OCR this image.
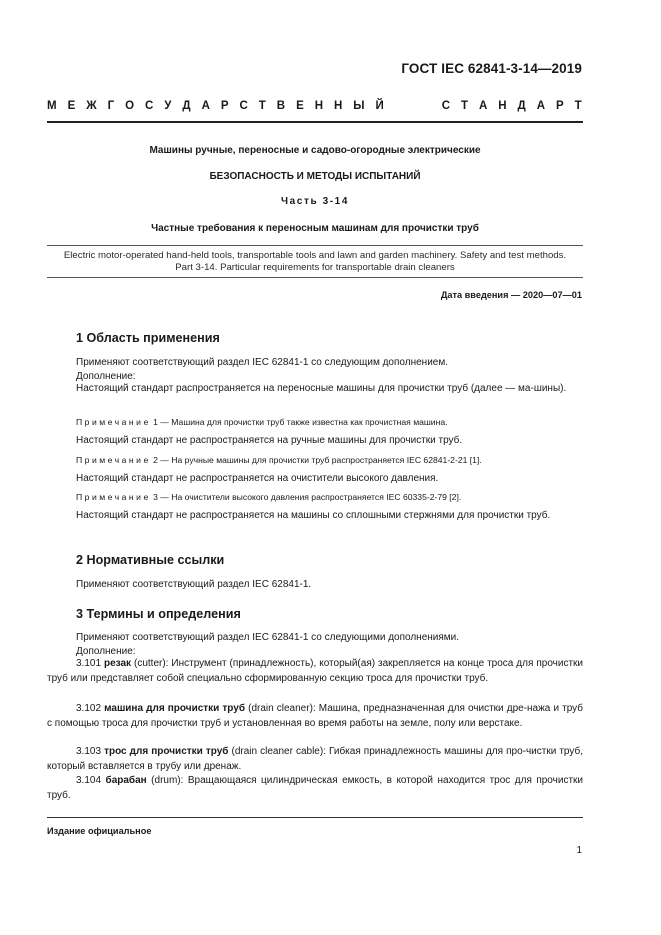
ГОСТ IEC 62841-3-14—2019
М Е Ж Г О С У Д А Р С Т В Е Н Н Ы Й	С Т А Н Д А Р Т
Машины ручные, переносные и садово-огородные электрические
БЕЗОПАСНОСТЬ И МЕТОДЫ ИСПЫТАНИЙ
Часть 3-14
Частные требования к переносным машинам для прочистки труб
Electric motor-operated hand-held tools, transportable tools and lawn and garden machinery. Safety and test methods.
Part 3-14. Particular requirements for transportable drain cleaners
Дата введения — 2020—07—01
1 Область применения
Применяют соответствующий раздел IEC 62841-1 со следующим дополнением.
Дополнение:
Настоящий стандарт распространяется на переносные машины для прочистки труб (далее — ма-шины).
Примечание 1 — Машина для прочистки труб также известна как прочистная машина.
Настоящий стандарт не распространяется на ручные машины для прочистки труб.
Примечание 2 — На ручные машины для прочистки труб распространяется IEC 62841-2-21 [1].
Настоящий стандарт не распространяется на очистители высокого давления.
Примечание 3 — На очистители высокого давления распространяется IEC 60335-2-79 [2].
Настоящий стандарт не распространяется на машины со сплошными стержнями для прочистки труб.
2 Нормативные ссылки
Применяют соответствующий раздел IEC 62841-1.
3 Термины и определения
Применяют соответствующий раздел IEC 62841-1 со следующими дополнениями.
Дополнение:
3.101 резак (cutter): Инструмент (принадлежность), который(ая) закрепляется на конце троса для прочистки труб или представляет собой специально сформированную секцию троса для прочистки труб.
3.102 машина для прочистки труб (drain cleaner): Машина, предназначенная для очистки дре-нажа и труб с помощью троса для прочистки труб и установленная во время работы на земле, полу или верстаке.
3.103 трос для прочистки труб (drain cleaner cable): Гибкая принадлежность машины для про-чистки труб, который вставляется в трубу или дренаж.
3.104 барабан (drum): Вращающаяся цилиндрическая емкость, в которой находится трос для прочистки труб.
Издание официальное
1
